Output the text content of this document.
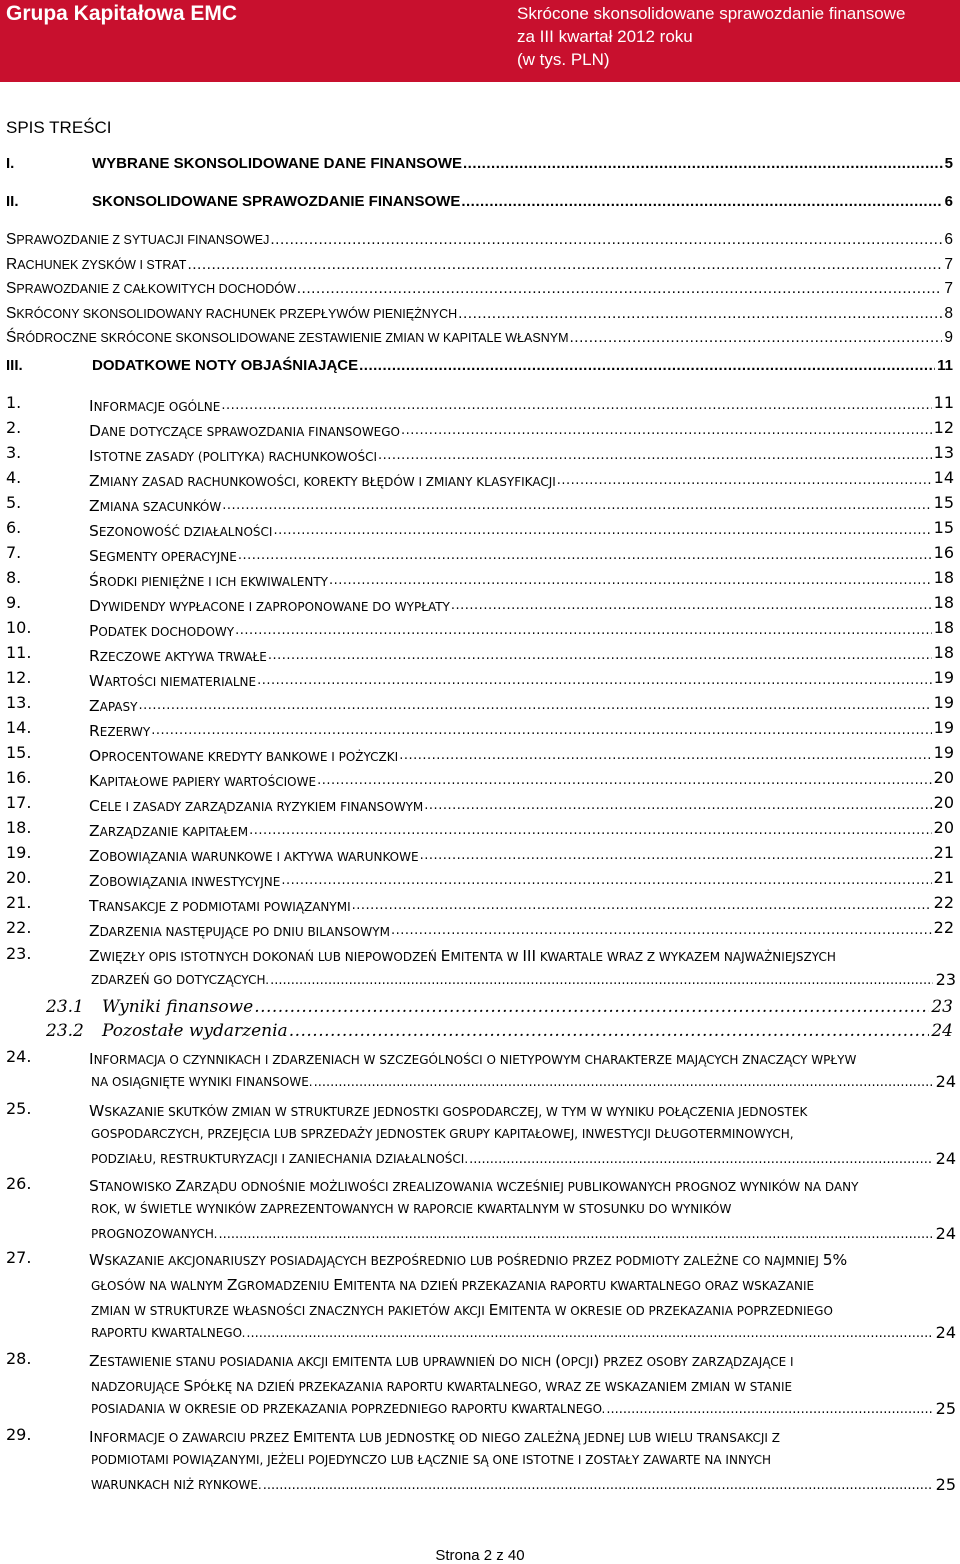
Grupa Kapitałowa EMC	Skrócone skonsolidowane sprawozdanie finansowe
za III kwartał 2012 roku
(w tys. PLN)
SPIS TREŚCI
I.	WYBRANE SKONSOLIDOWANE DANE FINANSOWE .....	5
II.	SKONSOLIDOWANE SPRAWOZDANIE FINANSOWE .....	6
SPRAWOZDANIE Z SYTUACJI FINANSOWEJ .....	6
RACHUNEK ZYSKÓW I STRAT .....	7
SPRAWOZDANIE Z CAŁKOWITYCH DOCHODÓW .....	7
SKRÓCONY SKONSOLIDOWANY RACHUNEK PRZEPŁYWÓW PIENIĘŻNYCH .....	8
ŚRÓDROCZNE SKRÓCONE SKONSOLIDOWANE ZESTAWIENIE ZMIAN W KAPITALE WŁASNYM .....	9
III.	DODATKOWE NOTY OBJAŚNIAJĄCE .....	11
1.	INFORMACJE OGÓLNE .....	11
2.	DANE DOTYCZĄCE SPRAWOZDANIA FINANSOWEGO .....	12
3.	ISTOTNE ZASADY (POLITYKA) RACHUNKOWOŚCI .....	13
4.	ZMIANY ZASAD RACHUNKOWOŚCI, KOREKTY BŁĘDÓW I ZMIANY KLASYFIKACJI .....	14
5.	ZMIANA SZACUNKÓW .....	15
6.	SEZONOWOŚĆ DZIAŁALNOŚCI .....	15
7.	SEGMENTY OPERACYJNE .....	16
8.	ŚRODKI PIENIĘŻNE I ICH EKWIWALENTY .....	18
9.	DYWIDENDY WYPŁACONE I ZAPROPONOWANE DO WYPŁATY .....	18
10.	PODATEK DOCHODOWY .....	18
11.	RZECZOWE AKTYWA TRWAŁE .....	18
12.	WARTOŚCI NIEMATERIALNE .....	19
13.	ZAPASY .....	19
14.	REZERWY .....	19
15.	OPROCENTOWANE KREDYTY BANKOWE I POŻYCZKI .....	19
16.	KAPITAŁOWE PAPIERY WARTOŚCIOWE .....	20
17.	CELE I ZASADY ZARZĄDZANIA RYZYKIEM FINANSOWYM .....	20
18.	ZARZĄDZANIE KAPITAŁEM .....	20
19.	ZOBOWIĄZANIA WARUNKOWE I AKTYWA WARUNKOWE .....	21
20.	ZOBOWIĄZANIA INWESTYCYJNE .....	21
21.	TRANSAKCJE Z PODMIOTAMI POWIĄZANYMI .....	22
22.	ZDARZENIA NASTĘPUJĄCE PO DNIU BILANSOWYM .....	22
23.	ZWIĘZŁY OPIS ISTOTNYCH DOKONAŃ LUB NIEPOWODZEŃ EMITENTA W III KWARTALE WRAZ Z WYKAZEM NAJWAŻNIEJSZYCH
ZDARZEŃ GO DOTYCZĄCYCH. .....	23
23.1 Wyniki finansowe .....	23
23.2 Pozostałe wydarzenia .....	24
24.	INFORMACJA O CZYNNIKACH I ZDARZENIACH W SZCZEGÓLNOŚCI O NIETYPOWYM CHARAKTERZE MAJĄCYCH ZNACZĄCY WPŁYW
NA OSIĄGNIĘTE WYNIKI FINANSOWE. .....	24
25.	WSKAZANIE SKUTKÓW ZMIAN W STRUKTURZE JEDNOSTKI GOSPODARCZEJ, W TYM W WYNIKU POŁĄCZENIA JEDNOSTEK
GOSPODARCZYCH, PRZEJĘCIA LUB SPRZEDAŻY JEDNOSTEK GRUPY KAPITAŁOWEJ, INWESTYCJI DŁUGOTERMINOWYCH,
PODZIAŁU, RESTRUKTURYZACJI I ZANIECHANIA DZIAŁALNOŚCI. .....	24
26.	STANOWISKO ZARZĄDU ODNOŚNIE MOŻLIWOŚCI ZREALIZOWANIA WCZEŚNIEJ PUBLIKOWANYCH PROGNOZ WYNIKÓW NA DANY
ROK, W ŚWIETLE WYNIKÓW ZAPREZENTOWANYCH W RAPORCIE KWARTALNYM W STOSUNKU DO WYNIKÓW
PROGNOZOWANYCH. .....	24
27.	WSKAZANIE AKCJONARIUSZY POSIADAJĄCYCH BEZPOŚREDNIO LUB POŚREDNIO PRZEZ PODMIOTY ZALEŻNE CO NAJMNIEJ 5%
GŁOSÓW NA WALNYM ZGROMADZENIU EMITENTA NA DZIEŃ PRZEKAZANIA RAPORTU KWARTALNEGO ORAZ WSKAZANIE
ZMIAN W STRUKTURZE WŁASNOŚCI ZNACZNYCH PAKIETÓW AKCJI EMITENTA W OKRESIE OD PRZEKAZANIA POPRZEDNIEGO
RAPORTU KWARTALNEGO. .....	24
28.	ZESTAWIENIE STANU POSIADANIA AKCJI EMITENTA LUB UPRAWNIEŃ DO NICH (OPCJI) PRZEZ OSOBY ZARZĄDZAJĄCE I
NADZORUJĄCE SPÓŁKĘ NA DZIEŃ PRZEKAZANIA RAPORTU KWARTALNEGO, WRAZ ZE WSKAZANIEM ZMIAN W STANIE
POSIADANIA W OKRESIE OD PRZEKAZANIA POPRZEDNIEGO RAPORTU KWARTALNEGO. .....	25
29.	INFORMACJE O ZAWARCIU PRZEZ EMITENTA LUB JEDNOSTKĘ OD NIEGO ZALEŻNĄ JEDNEJ LUB WIELU TRANSAKCJI Z
PODMIOTAMI POWIĄZANYMI, JEŻELI POJEDYNCZO LUB ŁĄCZNIE SĄ ONE ISTOTNE I ZOSTAŁY ZAWARTE NA INNYCH
WARUNKACH NIŻ RYNKOWE. .....	25
Strona 2 z 40
